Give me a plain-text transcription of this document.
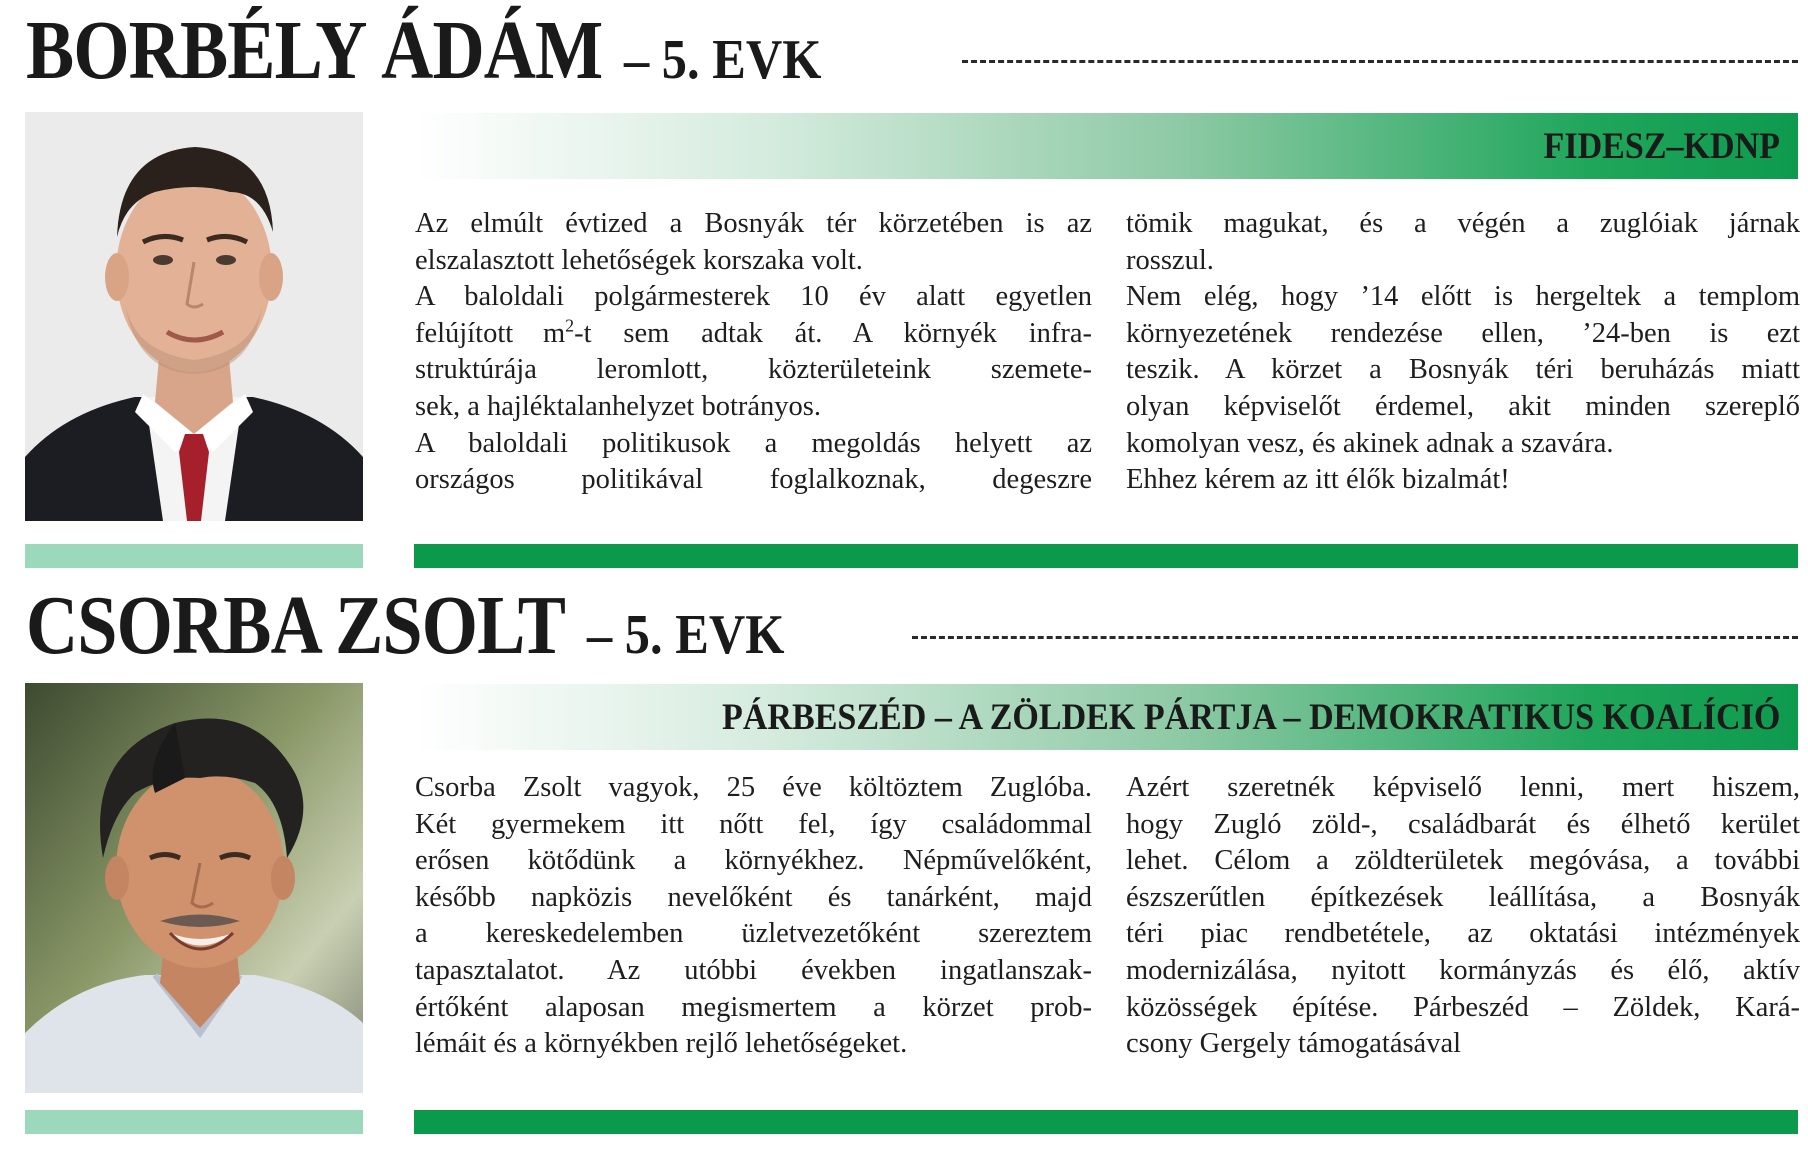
BORBÉLY ÁDÁM – 5. EVK
FIDESZ–KDNP
Az elmúlt évtized a Bosnyák tér körzetében is az
elszalasztott lehetőségek korszaka volt.
A baloldali polgármesterek 10 év alatt egyetlen
felújított $m^2-t$ sem adtak át. A környék infra-
struktúrája leromlott, közterületeink szemete-
sek, a hajléktalanhelyzet botrányos.
A baloldali politikusok a megoldás helyett az
országos politikával foglalkoznak, degeszre
tömik magukat, és a végén a zuglóiak járnak
rosszul.
Nem elég, hogy ’14 előtt is hergeltek a templom
környezetének rendezése ellen, ’24-ben is ezt
teszik. A körzet a Bosnyák téri beruházás miatt
olyan képviselőt érdemel, akit minden szereplő
komolyan vesz, és akinek adnak a szavára.
Ehhez kérem az itt élők bizalmát!
CSORBA ZSOLT – 5. EVK
PÁRBESZÉD – A ZÖLDEK PÁRTJA – DEMOKRATIKUS KOALÍCIÓ
Csorba Zsolt vagyok, 25 éve költöztem Zuglóba.
Két gyermekem itt nőtt fel, így családommal
erősen kötődünk a környékhez. Népművelőként,
később napközis nevelőként és tanárként, majd
a kereskedelemben üzletvezetőként szereztem
tapasztalatot. Az utóbbi években ingatlanszak-
értőként alaposan megismertem a körzet prob-
lémáit és a környékben rejlő lehetőségeket.
Azért szeretnék képviselő lenni, mert hiszem,
hogy Zugló zöld-, családbarát és élhető kerület
lehet. Célom a zöldterületek megóvása, a további
észszerűtlen építkezések leállítása, a Bosnyák
téri piac rendbetétele, az oktatási intézmények
modernizálása, nyitott kormányzás és élő, aktív
közösségek építése. Párbeszéd – Zöldek, Kará-
csony Gergely támogatásával
